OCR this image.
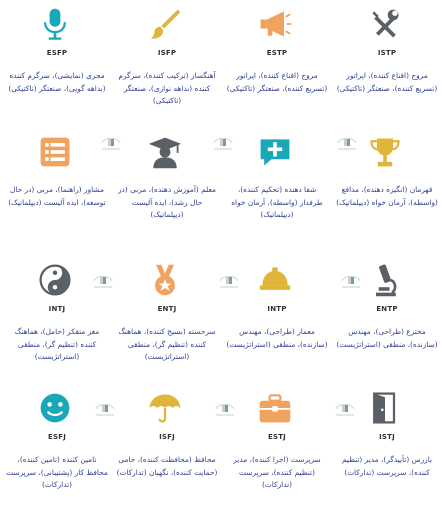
ISTP
مروج (اقناع کننده)، اپراتور (تسریع کننده)، صنعتگر (تاکتیکی)
ESTP
مروج (اقناع کننده)، اپراتور (تسریع کننده)، صنعتگر (تاکتیکی)
ISFP
آهنگساز (ترکیب کننده)، سرگرم کننده (بداهه نوازی)، صنعتگر (تاکتیکی)
ESFP
مجری (نمایشی)، سرگرم کننده (بداهه گویی)، صنعتگر (تاکتیکی)
قهرمان (انگیزه دهنده)، مدافع (واسطه)، آرمان خواه (دیپلماتیک)
شفا دهنده (تحکیم کننده)، طرفدار (واسطه)، آرمان خواه (دیپلماتیک)
معلم (آموزش دهنده)، مربی (در حال رشد)، ایده آلیست (دیپلماتیک)
مشاور (راهنما)، مربی (در حال توسعه)، ایده آلیست (دیپلماتیک)
ENTP
مخترع (طراحی)، مهندس (سازنده)، منطقی (استراتژیست)
INTP
معمار (طراحی)، مهندس (سازنده)، منطقی (استراتژیست)
ENTJ
سرحسته (بسیج کننده)، هماهنگ کننده (تنظیم گر)، منطقی (استراتژیست)
INTJ
مغز متفکر (حامل)، هماهنگ کننده (تنظیم گر)، منطقی (استراتژیست)
ISTJ
بازرس (تأییدگر)، مدیر (تنظیم کننده)، سرپرست (تدارکات)
ESTJ
سرپرست (اجرا کننده)، مدیر (تنظیم کننده)، سرپرست (تدارکات)
ISFJ
محافظ (محافظت کننده)، حامی (حمایت کننده)، نگهبان (تدارکات)
ESFJ
تامین کننده (تامین کننده)، محافظ کار (پشتیبانی)، سرپرست (تدارکات)
